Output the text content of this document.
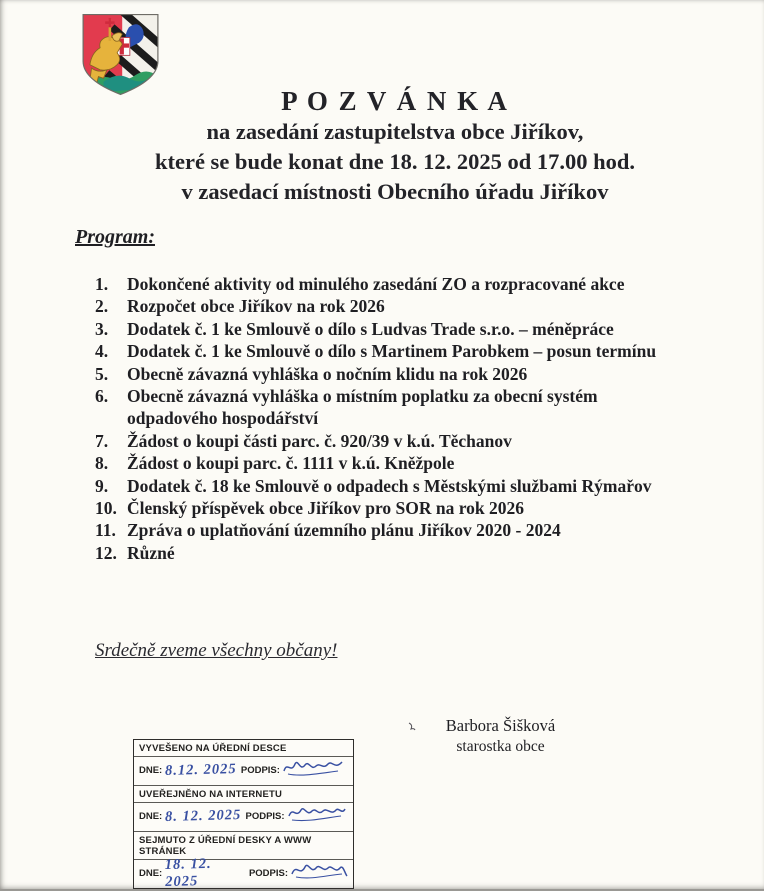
P O Z V Á N K A
na zasedání zastupitelstva obce Jiříkov,
které se bude konat dne 18. 12. 2025 od 17.00 hod.
v zasedací místnosti Obecního úřadu Jiříkov
Program:
1.	Dokončené aktivity od minulého zasedání ZO a rozpracované akce
2.	Rozpočet obce Jiříkov na rok 2026
3.	Dodatek č. 1 ke Smlouvě o dílo s Ludvas Trade s.r.o. – méněpráce
4.	Dodatek č. 1 ke Smlouvě o dílo s Martinem Parobkem – posun termínu
5.	Obecně závazná vyhláška o nočním klidu na rok 2026
6.	Obecně závazná vyhláška o místním poplatku za obecní systém odpadového hospodářství
7.	Žádost o koupi části parc. č. 920/39 v k.ú. Těchanov
8.	Žádost o koupi parc. č. 1111 v k.ú. Kněžpole
9.	Dodatek č. 18 ke Smlouvě o odpadech s Městskými službami Rýmařov
10. Členský příspěvek obce Jiříkov pro SOR na rok 2026
11. Zpráva o uplatňování územního plánu Jiříkov 2020 - 2024
12. Různé
Srdečně zveme všechny občany!
Barbora Šišková
starostka obce
VYVEŠENO NA ÚŘEDNÍ DESCE
DNE: 8.12. 2025 PODPIS:
UVEŘEJNĚNO NA INTERNETU
DNE: 8. 12. 2025 PODPIS:
SEJMUTO Z ÚŘEDNÍ DESKY A WWW STRÁNEK
DNE: 18. 12. 2025
PODPIS:
